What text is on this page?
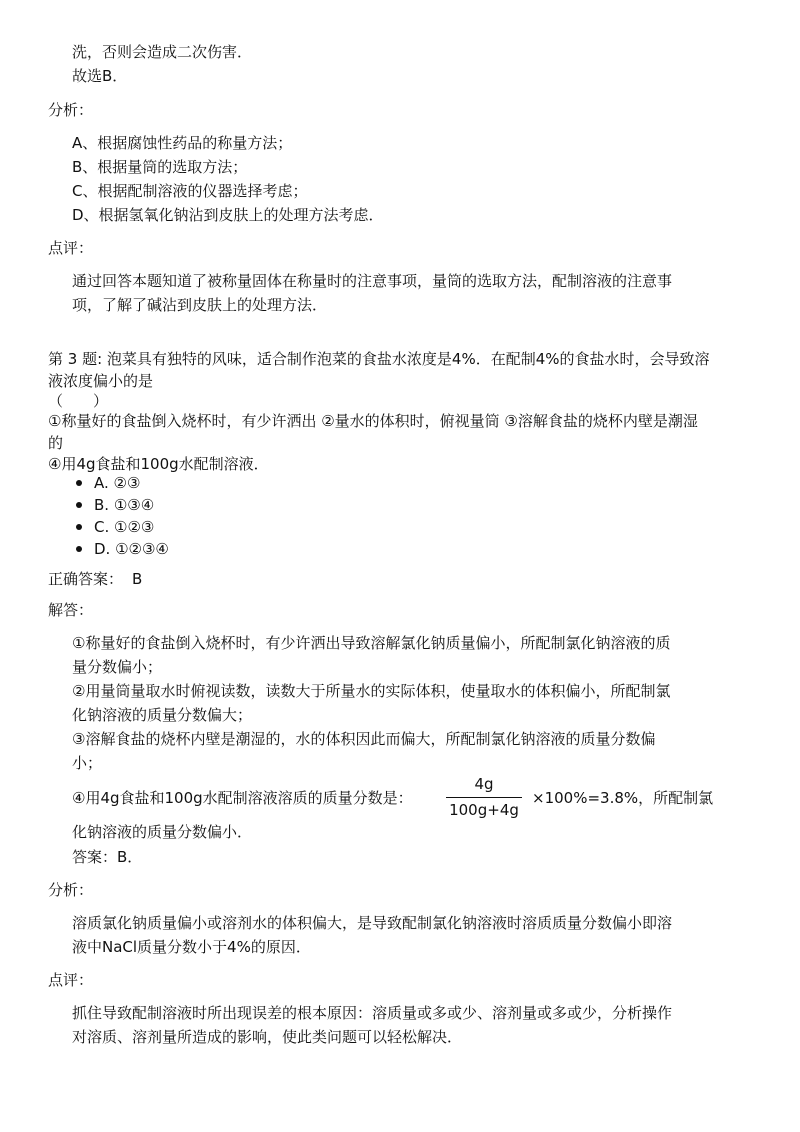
洗，否则会造成二次伤害．
故选B．
分析：
A、根据腐蚀性药品的称量方法；
B、根据量筒的选取方法；
C、根据配制溶液的仪器选择考虑；
D、根据氢氧化钠沾到皮肤上的处理方法考虑．
点评：
通过回答本题知道了被称量固体在称量时的注意事项，量筒的选取方法，配制溶液的注意事
项，了解了碱沾到皮肤上的处理方法．
第 3 题: 泡菜具有独特的风味，适合制作泡菜的食盐水浓度是4%．在配制4%的食盐水时，会导致溶
液浓度偏小的是
（　　）
①称量好的食盐倒入烧杯时，有少许洒出 ②量水的体积时，俯视量筒 ③溶解食盐的烧杯内壁是潮湿
的
④用4g食盐和100g水配制溶液．
A. ②③
B. ①③④
C. ①②③
D. ①②③④
正确答案： B
解答：
①称量好的食盐倒入烧杯时，有少许洒出导致溶解氯化钠质量偏小，所配制氯化钠溶液的质
量分数偏小；
②用量筒量取水时俯视读数，读数大于所量水的实际体积，使量取水的体积偏小，所配制氯
化钠溶液的质量分数偏大；
③溶解食盐的烧杯内壁是潮湿的，水的体积因此而偏大，所配制氯化钠溶液的质量分数偏
小；
④用4g食盐和100g水配制溶液溶质的质量分数是：
4g
100g+4g
×100%=3.8%，所配制氯
化钠溶液的质量分数偏小．
答案：B．
分析：
溶质氯化钠质量偏小或溶剂水的体积偏大，是导致配制氯化钠溶液时溶质质量分数偏小即溶
液中NaCl质量分数小于4%的原因．
点评：
抓住导致配制溶液时所出现误差的根本原因：溶质量或多或少、溶剂量或多或少，分析操作
对溶质、溶剂量所造成的影响，使此类问题可以轻松解决．
